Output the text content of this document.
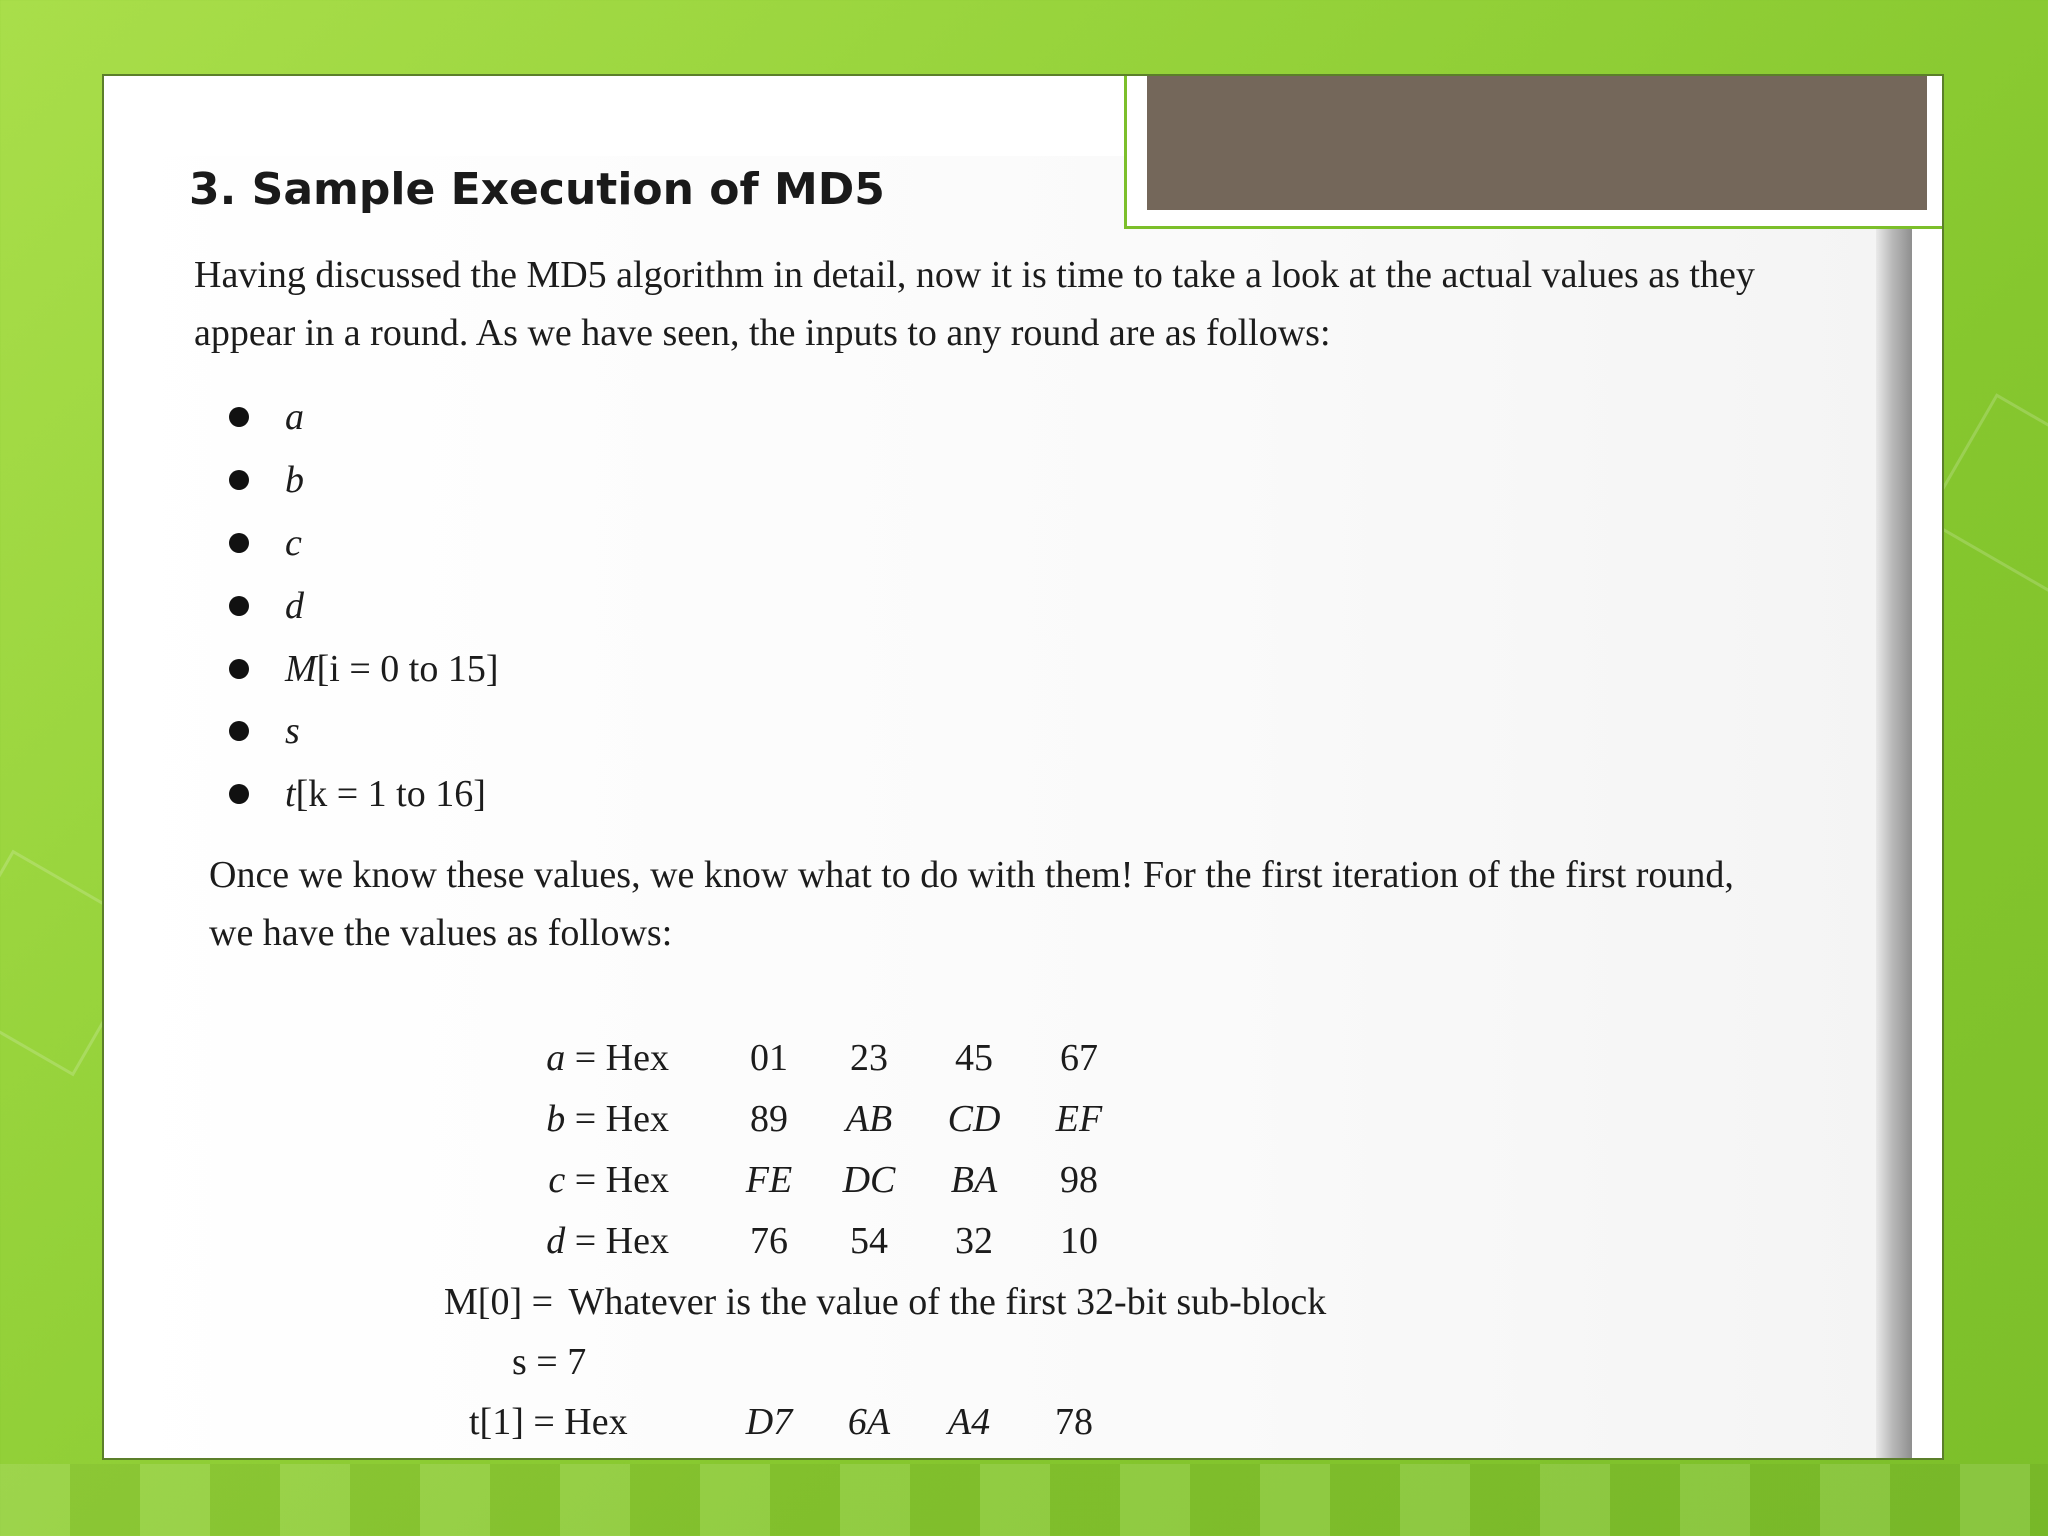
3. Sample Execution of MD5

Having discussed the MD5 algorithm in detail, now it is time to take a look at the actual values as they
appear in a round. As we have seen, the inputs to any round are as follows:

a
b
c
d
M [i = 0 to 15]
s
t [k = 1 to 16]

Once we know these values, we know what to do with them! For the first iteration of the first round,
we have the values as follows:

a = Hex	01	23	45	67
b = Hex	89	AB	CD	EF
c = Hex	FE	DC	BA	98
d = Hex	76	54	32	10
M[0] = Whatever is the value of the first 32-bit sub-block
s = 7
t[1] = Hex	D7	6A	A4	78
